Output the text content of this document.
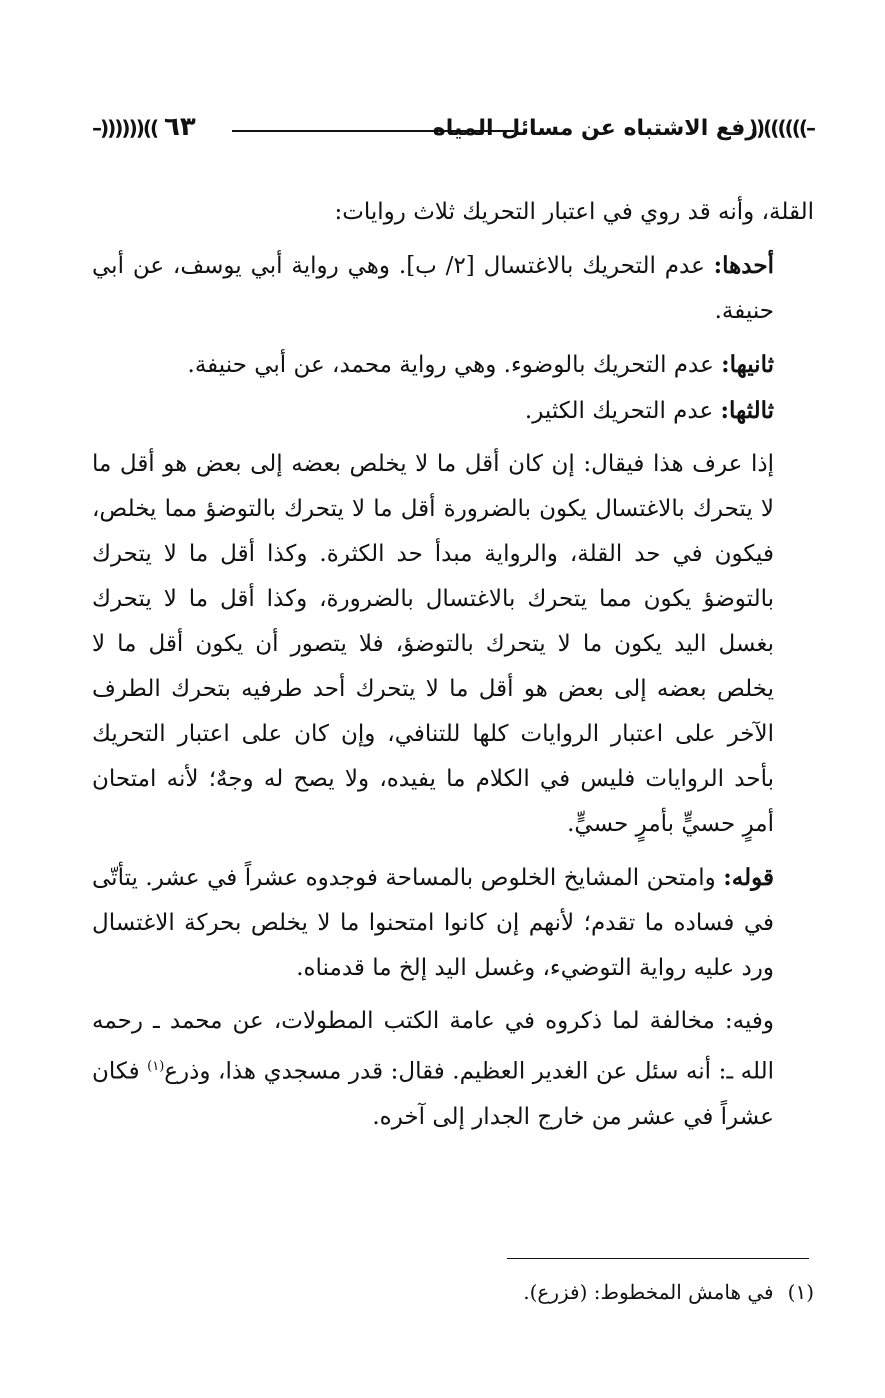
–))))))((
رفع الاشتباه عن مسائل المياه
٦٣
))((((((–

القلة، وأنه قد روي في اعتبار التحريك ثلاث روايات:

أحدها: عدم التحريك بالاغتسال [٢/ ب]. وهي رواية أبي يوسف، عن أبي حنيفة.

ثانيها: عدم التحريك بالوضوء. وهي رواية محمد، عن أبي حنيفة.

ثالثها: عدم التحريك الكثير.

إذا عرف هذا فيقال: إن كان أقل ما لا يخلص بعضه إلى بعض هو أقل ما لا يتحرك بالاغتسال يكون بالضرورة أقل ما لا يتحرك بالتوضؤ مما يخلص، فيكون في حد القلة، والرواية مبدأ حد الكثرة. وكذا أقل ما لا يتحرك بالتوضؤ يكون مما يتحرك بالاغتسال بالضرورة، وكذا أقل ما لا يتحرك بغسل اليد يكون ما لا يتحرك بالتوضؤ، فلا يتصور أن يكون أقل ما لا يخلص بعضه إلى بعض هو أقل ما لا يتحرك أحد طرفيه بتحرك الطرف الآخر على اعتبار الروايات كلها للتنافي، وإن كان على اعتبار التحريك بأحد الروايات فليس في الكلام ما يفيده، ولا يصح له وجهٌ؛ لأنه امتحان أمرٍ حسيٍّ بأمرٍ حسيٍّ.

قوله: وامتحن المشايخ الخلوص بالمساحة فوجدوه عشراً في عشر. يتأتّى في فساده ما تقدم؛ لأنهم إن كانوا امتحنوا ما لا يخلص بحركة الاغتسال ورد عليه رواية التوضيء، وغسل اليد إلخ ما قدمناه.

وفيه: مخالفة لما ذكروه في عامة الكتب المطولات، عن محمد ـ رحمه الله ـ: أنه سئل عن الغدير العظيم. فقال: قدر مسجدي هذا، وذرع$^{(١)}$ فكان عشراً في عشر من خارج الجدار إلى آخره.

(١)في هامش المخطوط: (فزرع).
